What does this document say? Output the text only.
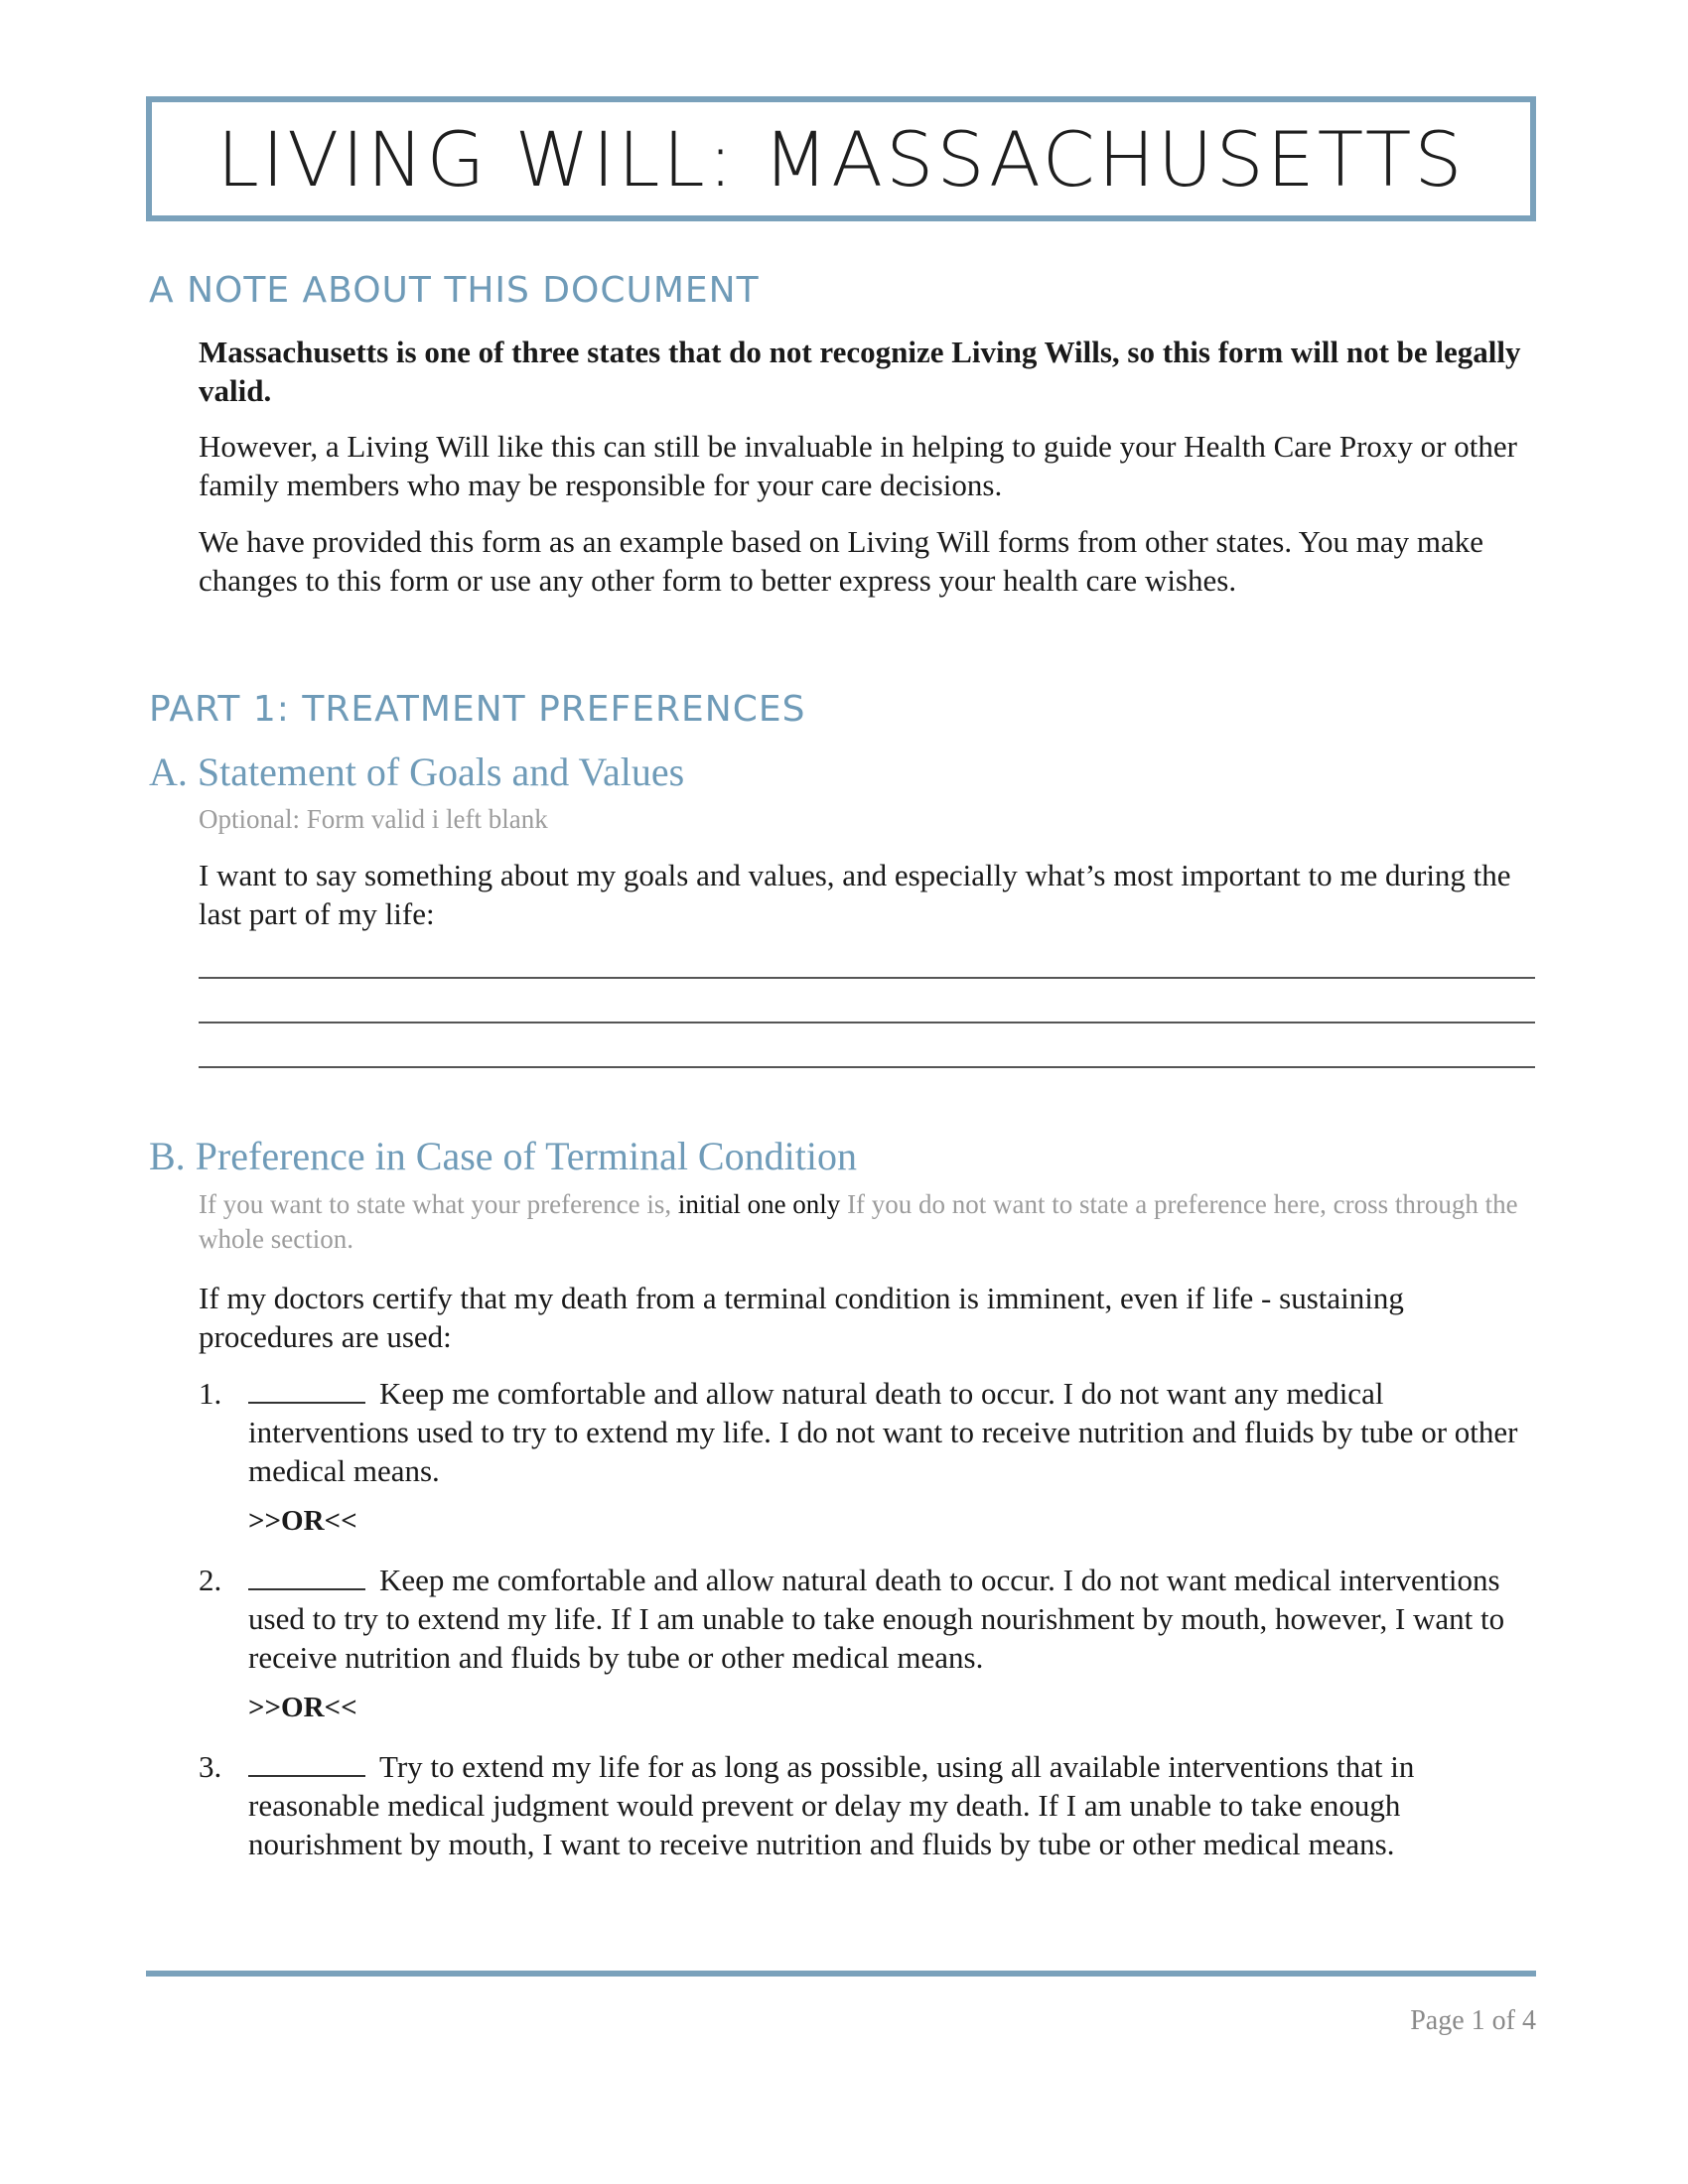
LIVING WILL: MASSACHUSETTS
A NOTE ABOUT THIS DOCUMENT

Massachusetts is one of three states that do not recognize Living Wills, so this form will not be legally valid.

However, a Living Will like this can still be invaluable in helping to guide your Health Care Proxy or other family members who may be responsible for your care decisions.

We have provided this form as an example based on Living Will forms from other states. You may make changes to this form or use any other form to better express your health care wishes.

PART 1: TREATMENT PREFERENCES
A. Statement of Goals and Values

Optional: Form valid i left blank

I want to say something about my goals and values, and especially what’s most important to me during the last part of my life:

B. Preference in Case of Terminal Condition

If you want to state what your preference is, initial one only If you do not want to state a preference here, cross through the whole section.

If my doctors certify that my death from a terminal condition is imminent, even if life - sustaining procedures are used:

1.	Keep me comfortable and allow natural death to occur. I do not want any medical interventions used to try to extend my life. I do not want to receive nutrition and fluids by tube or other medical means.
>>OR<<
2.	Keep me comfortable and allow natural death to occur. I do not want medical interventions used to try to extend my life. If I am unable to take enough nourishment by mouth, however, I want to receive nutrition and fluids by tube or other medical means.
>>OR<<
3.	Try to extend my life for as long as possible, using all available interventions that in reasonable medical judgment would prevent or delay my death. If I am unable to take enough nourishment by mouth, I want to receive nutrition and fluids by tube or other medical means.

Page 1 of 4
